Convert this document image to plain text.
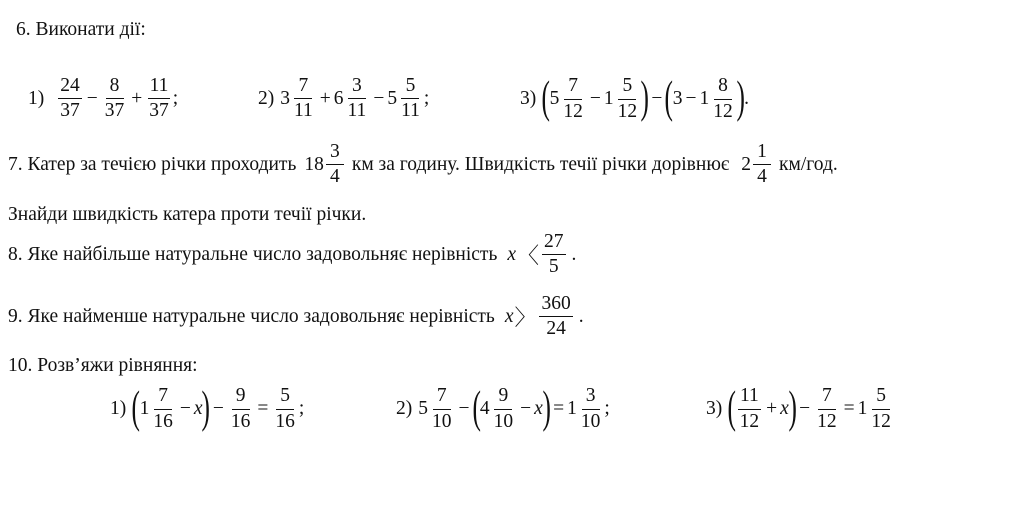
6. Виконати дії:
$1) \frac{24}{37} - \frac{8}{37} + \frac{11}{37}$ ;	2) $3 \frac{7}{11} + 6 \frac{3}{11} - 5 \frac{5}{11}$ ;	3) ( $5 \frac{7}{12} - 1 \frac{5}{12}$ ) − ( $3 - 1 \frac{8}{12}$ ) .
7. Катер за течією річки проходить $18 \frac{3}{4}$ км за годину. Швидкість течії річки дорівнює $2 \frac{1}{4} км/год$.
Знайди швидкість катера проти течії річки.
8. Яке найбільше натуральне число задовольняє нерівність x 〈 $\frac{27}{5}$ .
9. Яке найменше натуральне число задовольняє нерівність x 〉 $\frac{360}{24}$ .
10. Розв’яжи рівняння:
1) ( $1 \frac{7}{16} - x$ ) − $\frac{9}{16} = \frac{5}{16}$ ;	2) $5 \frac{7}{10}$ − ( $4 \frac{9}{10} - x$ ) = $1 \frac{3}{10}$ ;	3) ( $\frac{11}{12} + x$ ) − $\frac{7}{12} = 1 \frac{5}{12}$
